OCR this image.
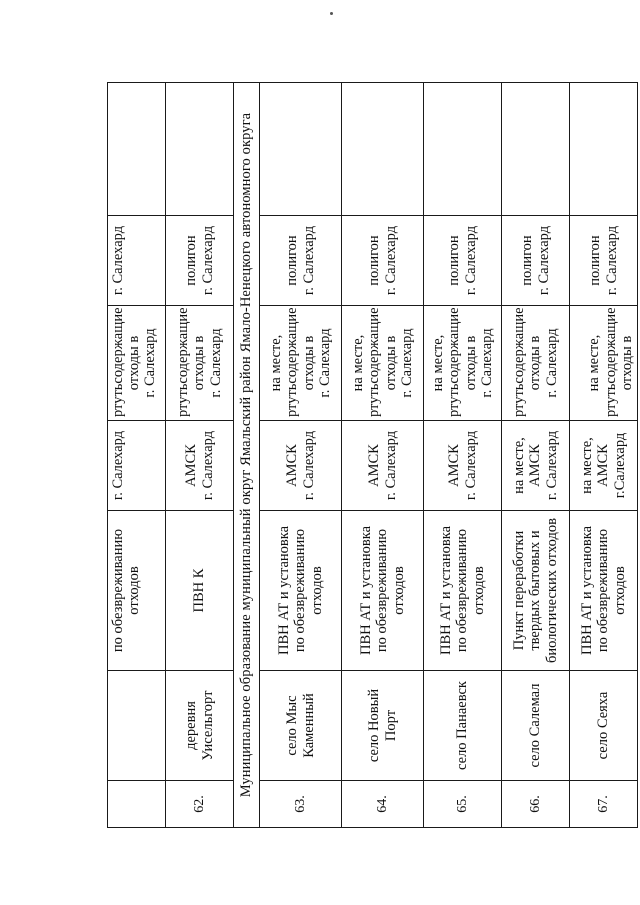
		по обезвреживанию
отходов	г. Салехард	ртутьсодержащие
отходы в
г. Салехард	г. Салехард	

62.	деревня Уисельгорт	ПВН К	АМСК
г. Салехард	ртутьсодержащие
отходы в
г. Салехард	полигон
г. Салехард	

Муниципальное образование муниципальный округ Ямальский район Ямало-Ненецкого автономного округа						
63.	село Мыс Каменный	ПВН АТ и установка
по обезвреживанию
отходов	АМСК
г. Салехард	на месте,
ртутьсодержащие
отходы в
г. Салехард	полигон
г. Салехард	

64.	село Новый Порт	ПВН АТ и установка
по обезвреживанию
отходов	АМСК
г. Салехард	на месте,
ртутьсодержащие
отходы в
г. Салехард	полигон
г. Салехард	

65.	село Панаевск	ПВН АТ и установка
по обезвреживанию
отходов	АМСК
г. Салехард	на месте,
ртутьсодержащие
отходы в
г. Салехард	полигон
г. Салехард	

66.	село Салемал	Пункт переработки
твердых бытовых и
биологических отходов	на месте,
АМСК
г. Салехард	ртутьсодержащие
отходы в
г. Салехард	полигон
г. Салехард	

67.	село Сеяха	ПВН АТ и установка
по обезвреживанию
отходов	на месте,
АМСК
г.Салехард	на месте,
ртутьсодержащие
отходы в	полигон
г. Салехард	
